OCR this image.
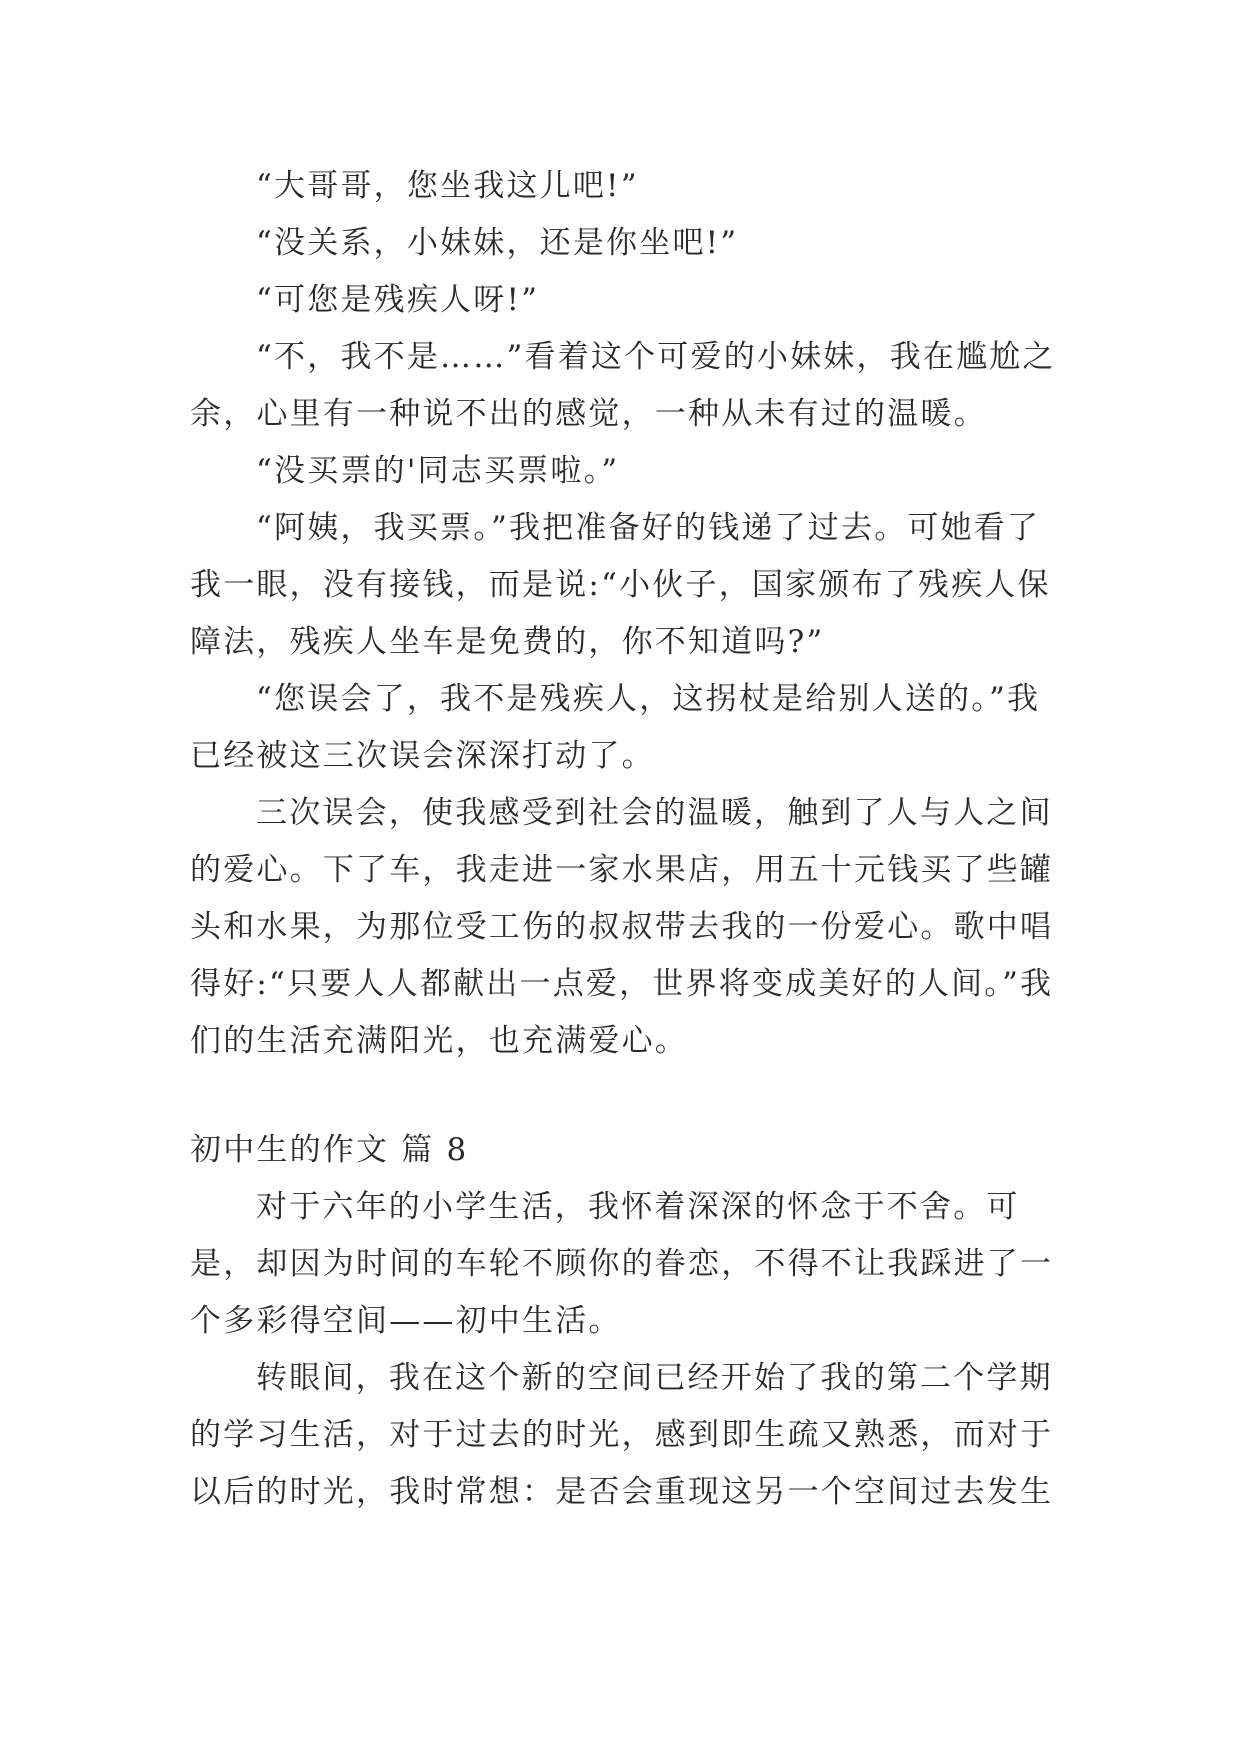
“大哥哥，您坐我这儿吧!”

“没关系，小妹妹，还是你坐吧!”

“可您是残疾人呀!”

“不，我不是……”看着这个可爱的小妹妹，我在尴尬之余，心里有一种说不出的感觉，一种从未有过的温暖。

“没买票的'同志买票啦。”

“阿姨，我买票。”我把准备好的钱递了过去。可她看了我一眼，没有接钱，而是说:“小伙子，国家颁布了残疾人保障法，残疾人坐车是免费的，你不知道吗?”

“您误会了，我不是残疾人，这拐杖是给别人送的。”我已经被这三次误会深深打动了。

三次误会，使我感受到社会的温暖，触到了人与人之间的爱心。下了车，我走进一家水果店，用五十元钱买了些罐头和水果，为那位受工伤的叔叔带去我的一份爱心。歌中唱得好:“只要人人都献出一点爱，世界将变成美好的人间。”我们的生活充满阳光，也充满爱心。

初中生的作文 篇 8

对于六年的小学生活，我怀着深深的怀念于不舍。可是，却因为时间的车轮不顾你的眷恋，不得不让我踩进了一个多彩得空间——初中生活。

转眼间，我在这个新的空间已经开始了我的第二个学期的学习生活，对于过去的时光，感到即生疏又熟悉，而对于以后的时光，我时常想：是否会重现这另一个空间过去发生
